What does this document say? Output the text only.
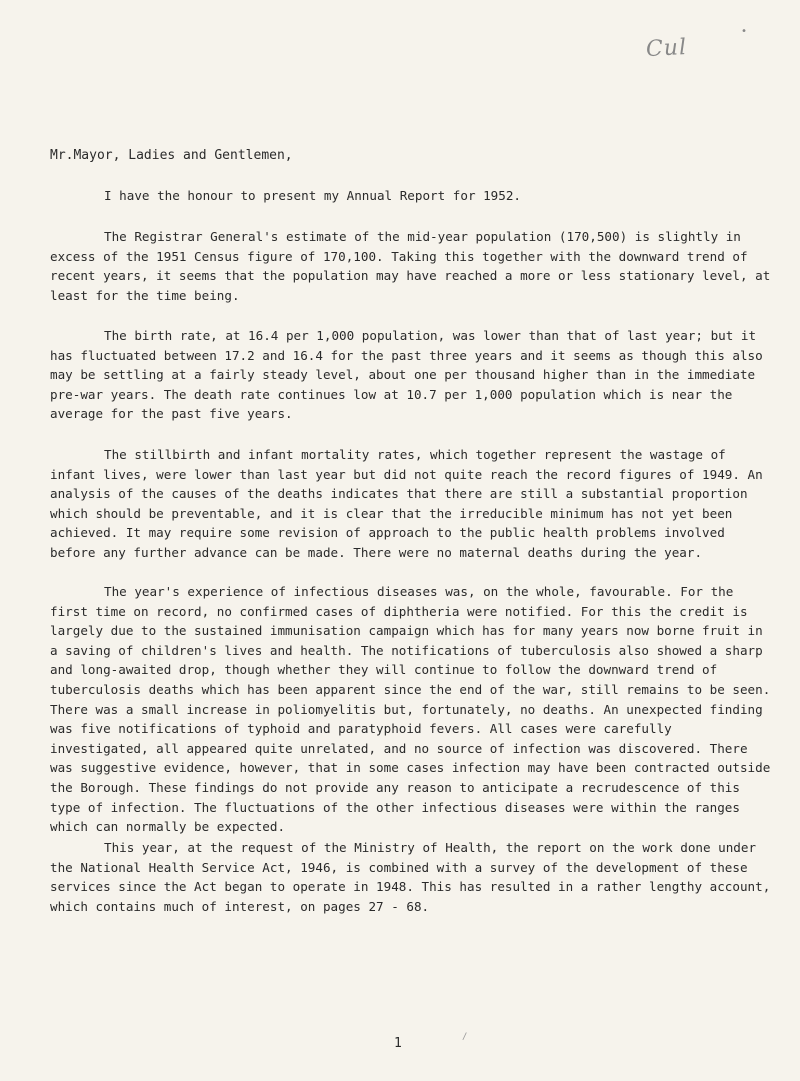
Cul
•
Mr.Mayor, Ladies and Gentlemen,

I have the honour to present my Annual Report for 1952.

The Registrar General's estimate of the mid-year population (170,500) is slightly in excess of the 1951 Census figure of 170,100. Taking this together with the downward trend of recent years, it seems that the population may have reached a more or less stationary level, at least for the time being.

The birth rate, at 16.4 per 1,000 population, was lower than that of last year; but it has fluctuated between 17.2 and 16.4 for the past three years and it seems as though this also may be settling at a fairly steady level, about one per thousand higher than in the immediate pre-war years. The death rate continues low at 10.7 per 1,000 population which is near the average for the past five years.

The stillbirth and infant mortality rates, which together represent the wastage of infant lives, were lower than last year but did not quite reach the record figures of 1949. An analysis of the causes of the deaths indicates that there are still a substantial proportion which should be preventable, and it is clear that the irreducible minimum has not yet been achieved. It may require some revision of approach to the public health problems involved before any further advance can be made. There were no maternal deaths during the year.

The year's experience of infectious diseases was, on the whole, favourable. For the first time on record, no confirmed cases of diphtheria were notified. For this the credit is largely due to the sustained immunisation campaign which has for many years now borne fruit in a saving of children's lives and health. The notifications of tuberculosis also showed a sharp and long-awaited drop, though whether they will continue to follow the downward trend of tuberculosis deaths which has been apparent since the end of the war, still remains to be seen. There was a small increase in poliomyelitis but, fortunately, no deaths. An unexpected finding was five notifications of typhoid and paratyphoid fevers. All cases were carefully investigated, all appeared quite unrelated, and no source of infection was discovered. There was suggestive evidence, however, that in some cases infection may have been contracted outside the Borough. These findings do not provide any reason to anticipate a recrudescence of this type of infection. The fluctuations of the other infectious diseases were within the ranges which can normally be expected.

This year, at the request of the Ministry of Health, the report on the work done under the National Health Service Act, 1946, is combined with a survey of the development of these services since the Act began to operate in 1948. This has resulted in a rather lengthy account, which contains much of interest, on pages 27 - 68.

1	∕
